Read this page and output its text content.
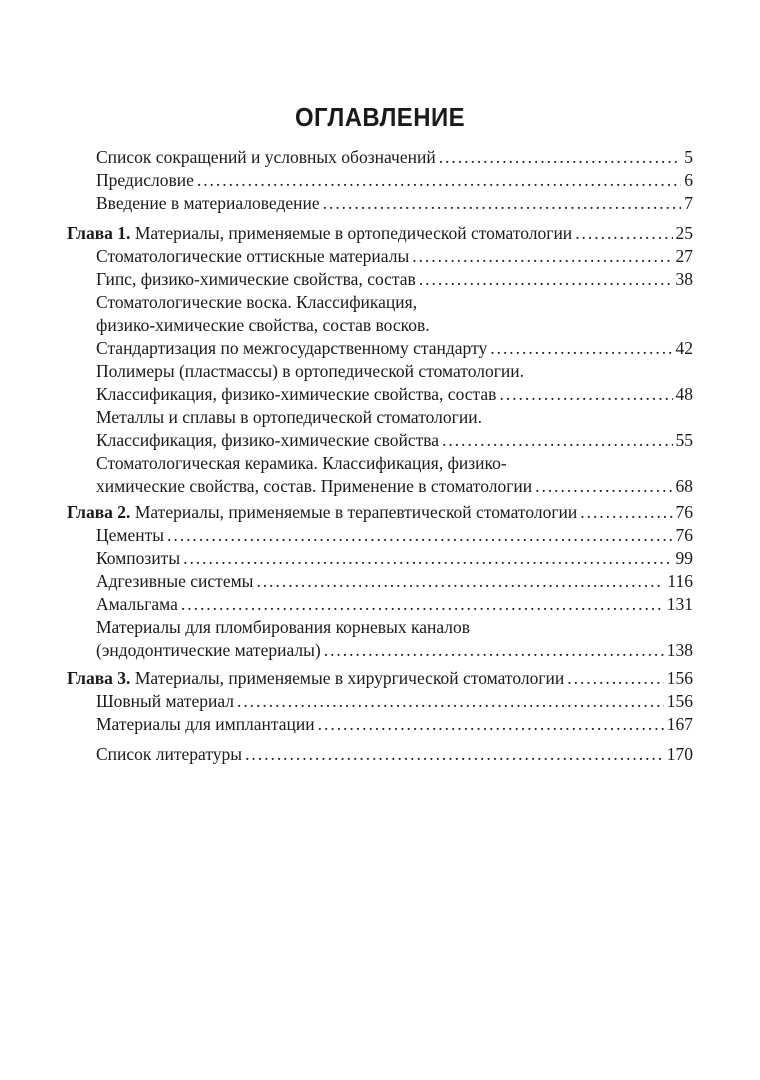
ОГЛАВЛЕНИЕ
Список сокращений и условных обозначений . . .	5
Предисловие . . .	6
Введение в материаловедение . . .	7
Глава 1. Материалы, применяемые в ортопедической стоматологии . . .	25
Стоматологические оттискные материалы . . .	27
Гипс, физико-химические свойства, состав . . .	38
Стоматологические воска. Классификация,
физико-химические свойства, состав восков.
Стандартизация по межгосударственному стандарту . . .	42
Полимеры (пластмассы) в ортопедической стоматологии.
Классификация, физико-химические свойства, состав . . .	48
Металлы и сплавы в ортопедической стоматологии.
Классификация, физико-химические свойства . . .	55
Стоматологическая керамика. Классификация, физико-
химические свойства, состав. Применение в стоматологии . . .	68
Глава 2. Материалы, применяемые в терапевтической стоматологии . . .	76
Цементы . . .	76
Композиты . . .	99
Адгезивные системы . . .	116
Амальгама . . .	131
Материалы для пломбирования корневых каналов
(эндодонтические материалы) . . .	138
Глава 3. Материалы, применяемые в хирургической стоматологии . . .	156
Шовный материал . . .	156
Материалы для имплантации . . .	167
Список литературы . . .	170
